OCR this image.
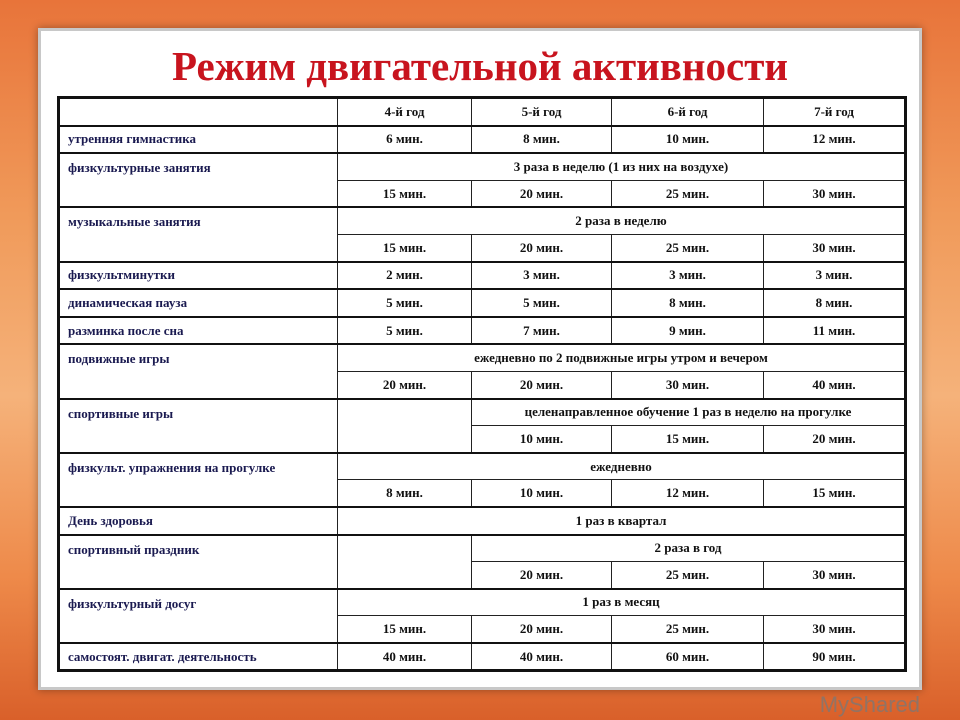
Режим двигательной активности
	4-й год	5-й год	6-й год	7-й год
утренняя гимнастика	6 мин.	8 мин.	10 мин.	12 мин.
физкультурные занятия	3 раза в неделю (1 из них на воздухе)			
	15 мин.	20 мин.	25 мин.	30 мин.
музыкальные занятия	2 раза в неделю			
	15 мин.	20 мин.	25 мин.	30 мин.
физкультминутки	2 мин.	3 мин.	3 мин.	3 мин.
динамическая пауза	5 мин.	5 мин.	8 мин.	8 мин.
разминка после сна	5 мин.	7 мин.	9 мин.	11 мин.
подвижные игры	ежедневно по 2 подвижные игры утром и вечером			
	20 мин.	20 мин.	30 мин.	40 мин.
спортивные игры		целенаправленное обучение 1 раз в неделю на прогулке		
		10 мин.	15 мин.	20 мин.
физкульт. упражнения на прогулке	ежедневно			
	8 мин.	10 мин.	12 мин.	15 мин.
День здоровья	1 раз в квартал			
спортивный праздник		2 раза в год		
		20 мин.	25 мин.	30 мин.
физкультурный досуг	1 раз в месяц			
	15 мин.	20 мин.	25 мин.	30 мин.
самостоят. двигат. деятельность	40 мин.	40 мин.	60 мин.	90 мин.
MyShared
